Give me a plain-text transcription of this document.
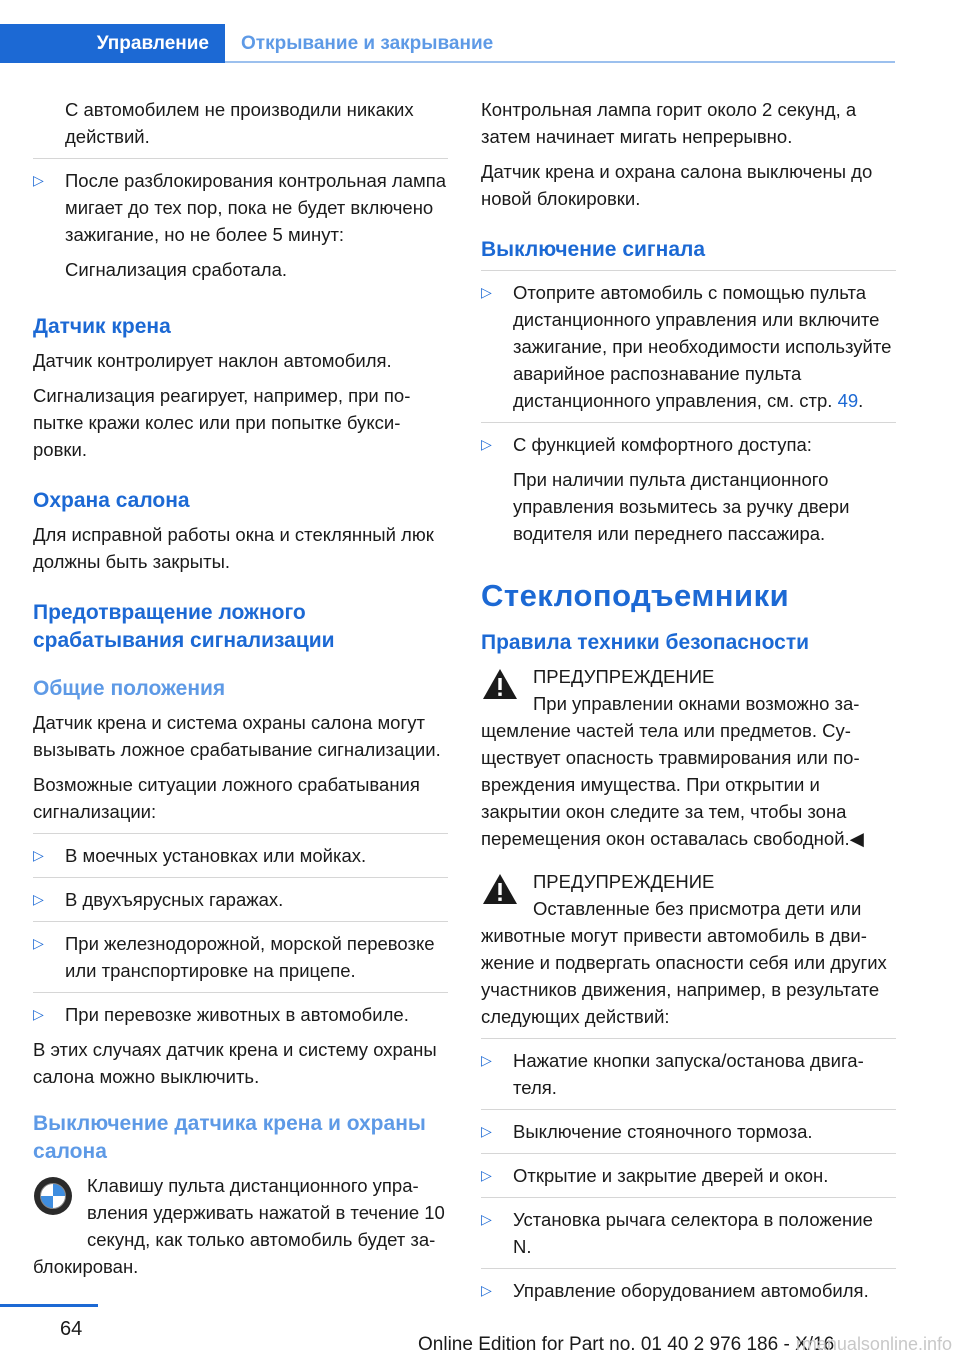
Управление Открывание и закрывание

С автомобилем не производили никаких действий.

▷ После разблокирования контрольная лампа мигает до тех пор, пока не будет включено зажигание, но не более 5 минут:
Сигнализация сработала.
Датчик крена

Датчик контролирует наклон автомобиля.

Сигнализация реагирует, например, при попытке кражи колес или при попытке буксировки.

Охрана салона

Для исправной работы окна и стеклянный люк должны быть закрыты.

Предотвращение ложного срабатывания сигнализации
Общие положения

Датчик крена и система охраны салона могут вызывать ложное срабатывание сигнализации.

Возможные ситуации ложного срабатывания сигнализации:

▷ В моечных установках или мойках.
▷ В двухъярусных гаражах.
▷ При железнодорожной, морской перевозке или транспортировке на прицепе.
▷ При перевозке животных в автомобиле.

В этих случаях датчик крена и систему охраны салона можно выключить.

Выключение датчика крена и охраны салона
Клавишу пульта дистанционного управления удерживать нажатой в течение 10 секунд, как только автомобиль будет заблокирован.

Контрольная лампа горит около 2 секунд, а затем начинает мигать непрерывно.

Датчик крена и охрана салона выключены до новой блокировки.

Выключение сигнала
▷ Отоприте автомобиль с помощью пульта дистанционного управления или включите зажигание, при необходимости используйте аварийное распознавание пульта дистанционного управления, см. стр. 49.
▷ С функцией комфортного доступа:
При наличии пульта дистанционного управления возьмитесь за ручку двери водителя или переднего пассажира.
Стеклоподъемники
Правила техники безопасности
ПРЕДУПРЕЖДЕНИЕ
При управлении окнами возможно защемление частей тела или предметов. Существует опасность травмирования или повреждения имущества. При открытии и закрытии окон следите за тем, чтобы зона перемещения окон оставалась свободной.◀
ПРЕДУПРЕЖДЕНИЕ
Оставленные без присмотра дети или животные могут привести автомобиль в движение и подвергать опасности себя или других участников движения, например, в результате следующих действий:
▷ Нажатие кнопки запуска/останова двигателя.
▷ Выключение стояночного тормоза.
▷ Открытие и закрытие дверей и окон.
▷ Установка рычага селектора в положение N.
▷ Управление оборудованием автомобиля.
64
Online Edition for Part no. 01 40 2 976 186 - X/16
rmanualsonline.info
